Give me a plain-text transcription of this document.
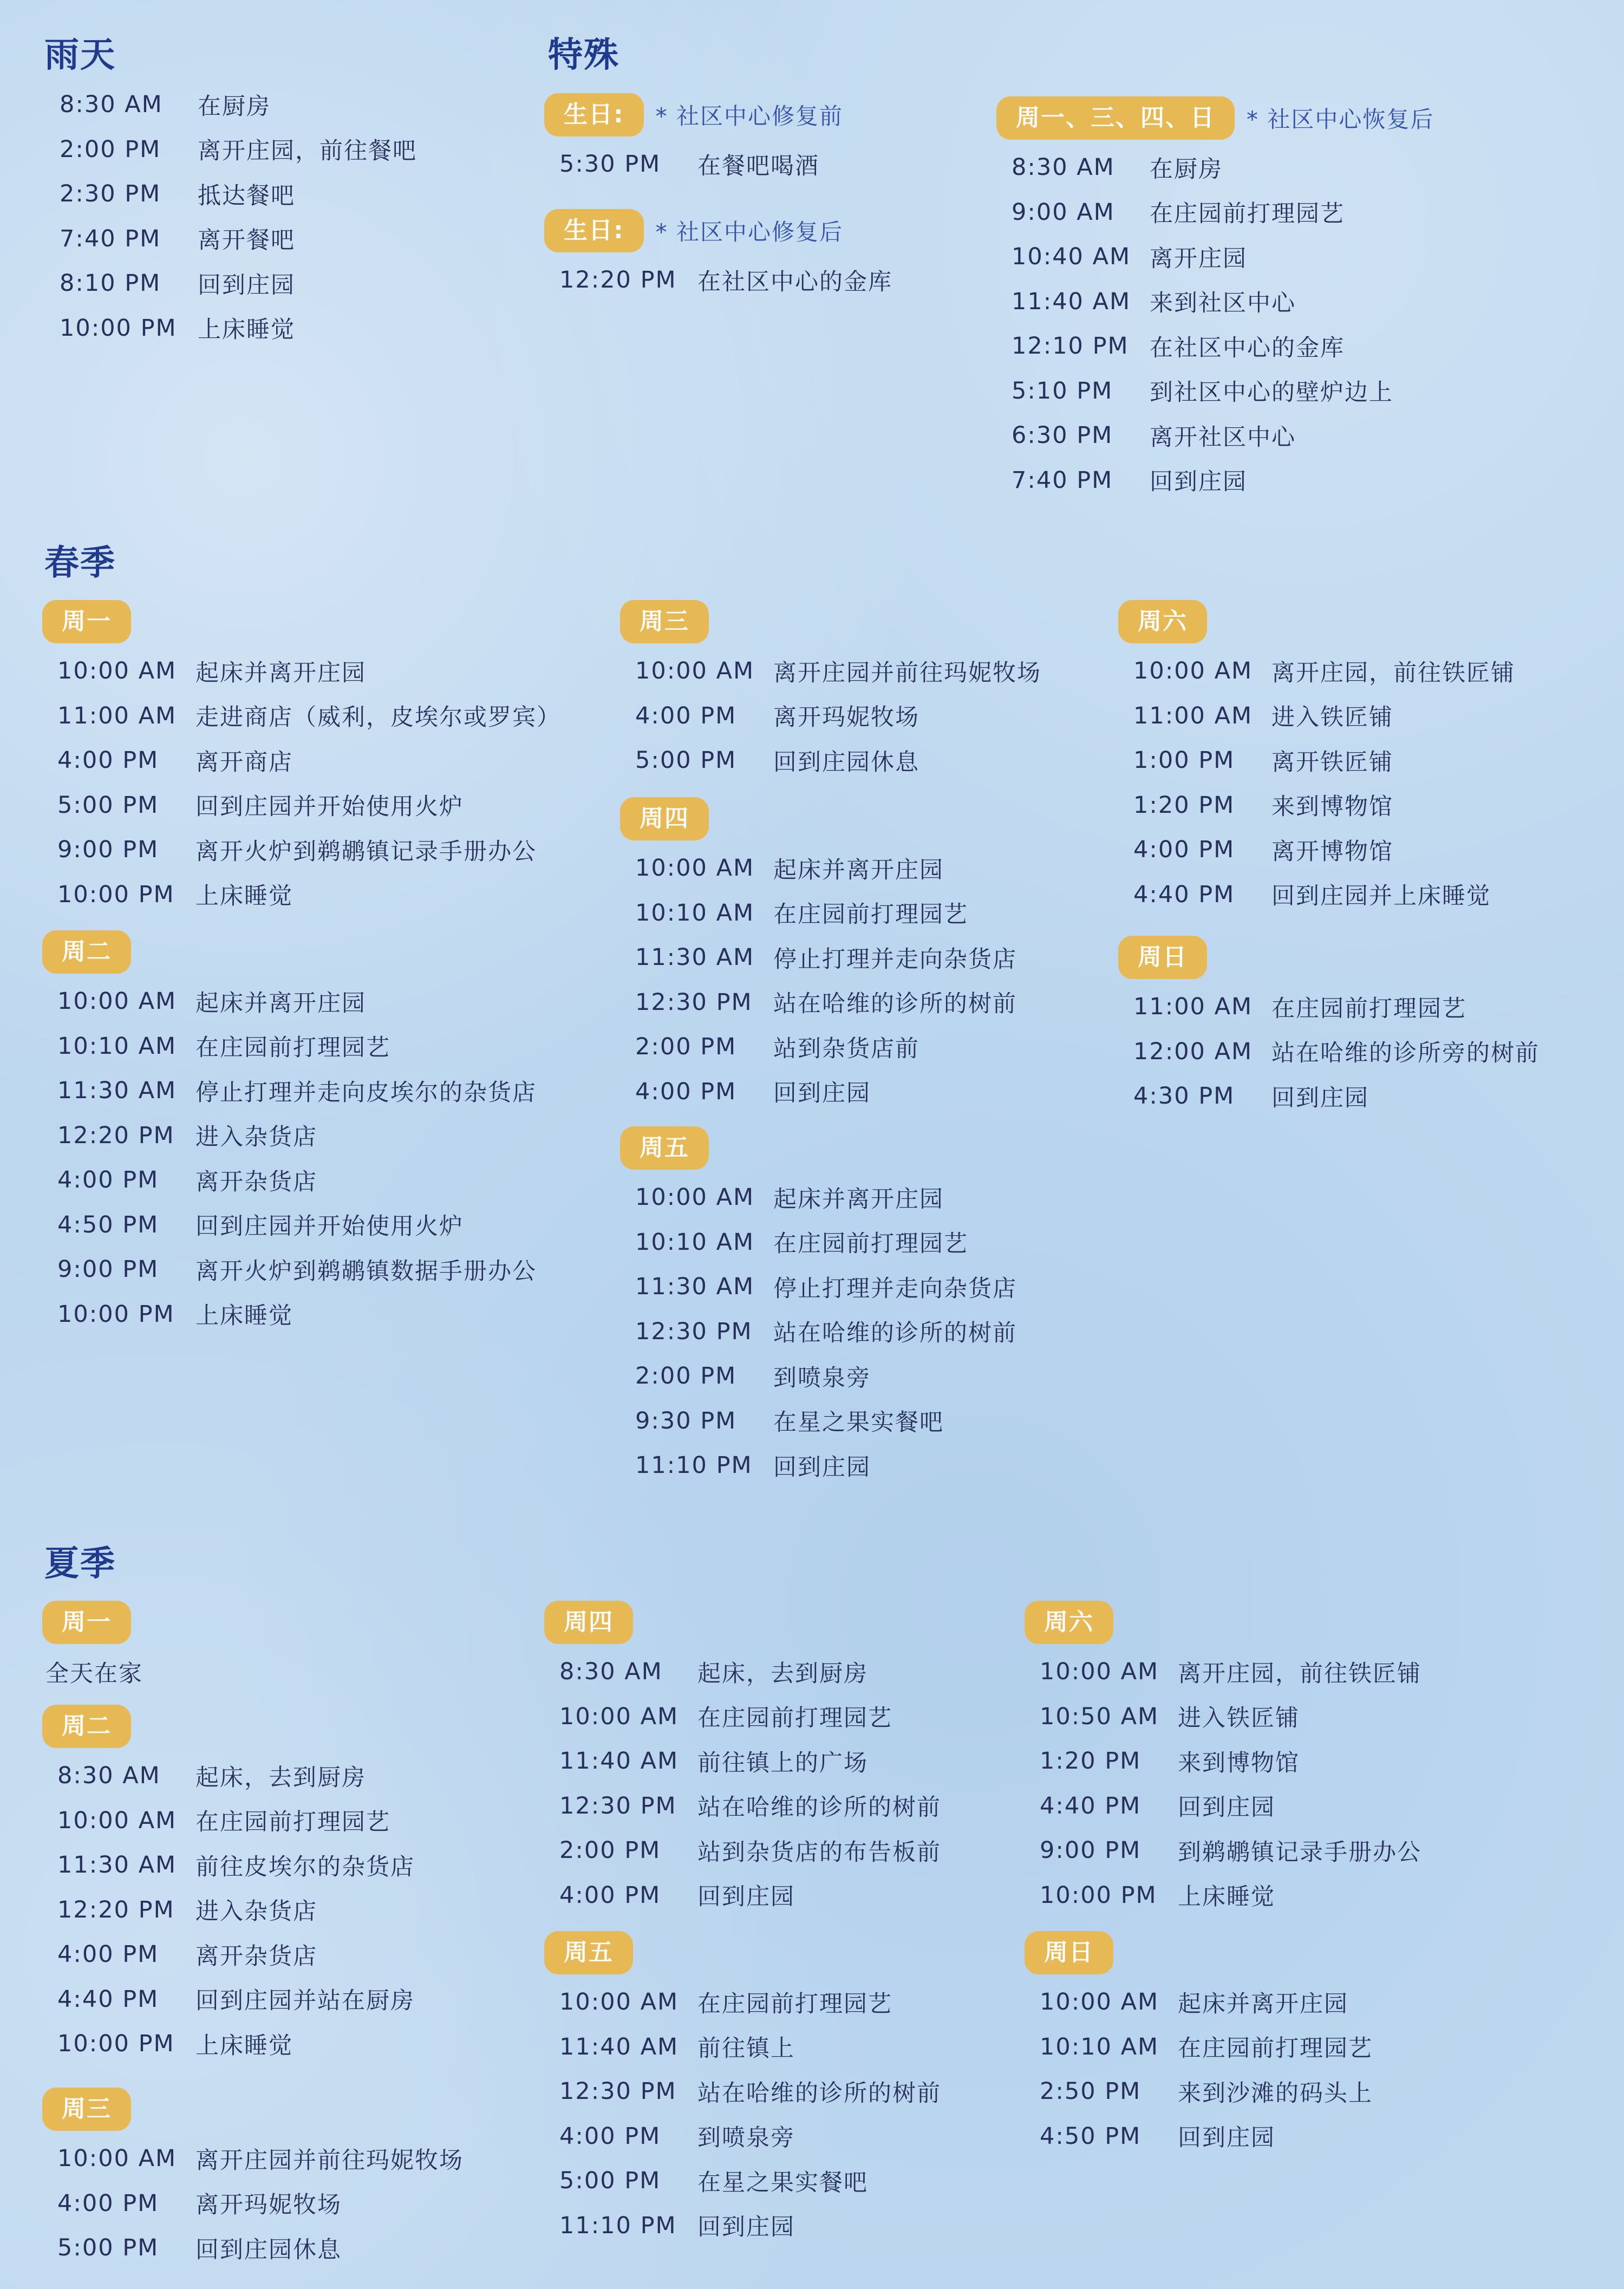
雨天
8:30 AM	在厨房
2:00 PM	离开庄园，前往餐吧
2:30 PM	抵达餐吧
7:40 PM	离开餐吧
8:10 PM	回到庄园
10:00 PM 上床睡觉
特殊
生日:	* 社区中心修复前
5:30 PM	在餐吧喝酒
生日:	* 社区中心修复后
12:20 PM 在社区中心的金库
周一、三、四、日	* 社区中心恢复后
8:30 AM	在厨房
9:00 AM	在庄园前打理园艺
10:40 AM 离开庄园
11:40 AM 来到社区中心
12:10 PM 在社区中心的金库
5:10 PM	到社区中心的壁炉边上
6:30 PM	离开社区中心
7:40 PM	回到庄园
春季
周一
10:00 AM 起床并离开庄园
11:00 AM 走进商店（威利，皮埃尔或罗宾）
4:00 PM	离开商店
5:00 PM	回到庄园并开始使用火炉
9:00 PM	离开火炉到鹈鹕镇记录手册办公
10:00 PM 上床睡觉
周二
10:00 AM 起床并离开庄园
10:10 AM 在庄园前打理园艺
11:30 AM 停止打理并走向皮埃尔的杂货店
12:20 PM 进入杂货店
4:00 PM	离开杂货店
4:50 PM	回到庄园并开始使用火炉
9:00 PM	离开火炉到鹈鹕镇数据手册办公
10:00 PM 上床睡觉
周三
10:00 AM 离开庄园并前往玛妮牧场
4:00 PM	离开玛妮牧场
5:00 PM	回到庄园休息
周四
10:00 AM 起床并离开庄园
10:10 AM 在庄园前打理园艺
11:30 AM 停止打理并走向杂货店
12:30 PM 站在哈维的诊所的树前
2:00 PM	站到杂货店前
4:00 PM	回到庄园
周五
10:00 AM 起床并离开庄园
10:10 AM 在庄园前打理园艺
11:30 AM 停止打理并走向杂货店
12:30 PM 站在哈维的诊所的树前
2:00 PM	到喷泉旁
9:30 PM	在星之果实餐吧
11:10 PM 回到庄园
周六
10:00 AM 离开庄园，前往铁匠铺
11:00 AM 进入铁匠铺
1:00 PM	离开铁匠铺
1:20 PM	来到博物馆
4:00 PM	离开博物馆
4:40 PM	回到庄园并上床睡觉
周日
11:00 AM 在庄园前打理园艺
12:00 AM 站在哈维的诊所旁的树前
4:30 PM	回到庄园
夏季
周一
全天在家
周二
8:30 AM	起床，去到厨房
10:00 AM 在庄园前打理园艺
11:30 AM 前往皮埃尔的杂货店
12:20 PM 进入杂货店
4:00 PM	离开杂货店
4:40 PM	回到庄园并站在厨房
10:00 PM 上床睡觉
周三
10:00 AM 离开庄园并前往玛妮牧场
4:00 PM	离开玛妮牧场
5:00 PM	回到庄园休息
周四
8:30 AM	起床，去到厨房
10:00 AM 在庄园前打理园艺
11:40 AM 前往镇上的广场
12:30 PM 站在哈维的诊所的树前
2:00 PM	站到杂货店的布告板前
4:00 PM	回到庄园
周五
10:00 AM 在庄园前打理园艺
11:40 AM 前往镇上
12:30 PM 站在哈维的诊所的树前
4:00 PM	到喷泉旁
5:00 PM	在星之果实餐吧
11:10 PM 回到庄园
周六
10:00 AM 离开庄园，前往铁匠铺
10:50 AM 进入铁匠铺
1:20 PM	来到博物馆
4:40 PM	回到庄园
9:00 PM	到鹈鹕镇记录手册办公
10:00 PM 上床睡觉
周日
10:00 AM 起床并离开庄园
10:10 AM 在庄园前打理园艺
2:50 PM	来到沙滩的码头上
4:50 PM	回到庄园
